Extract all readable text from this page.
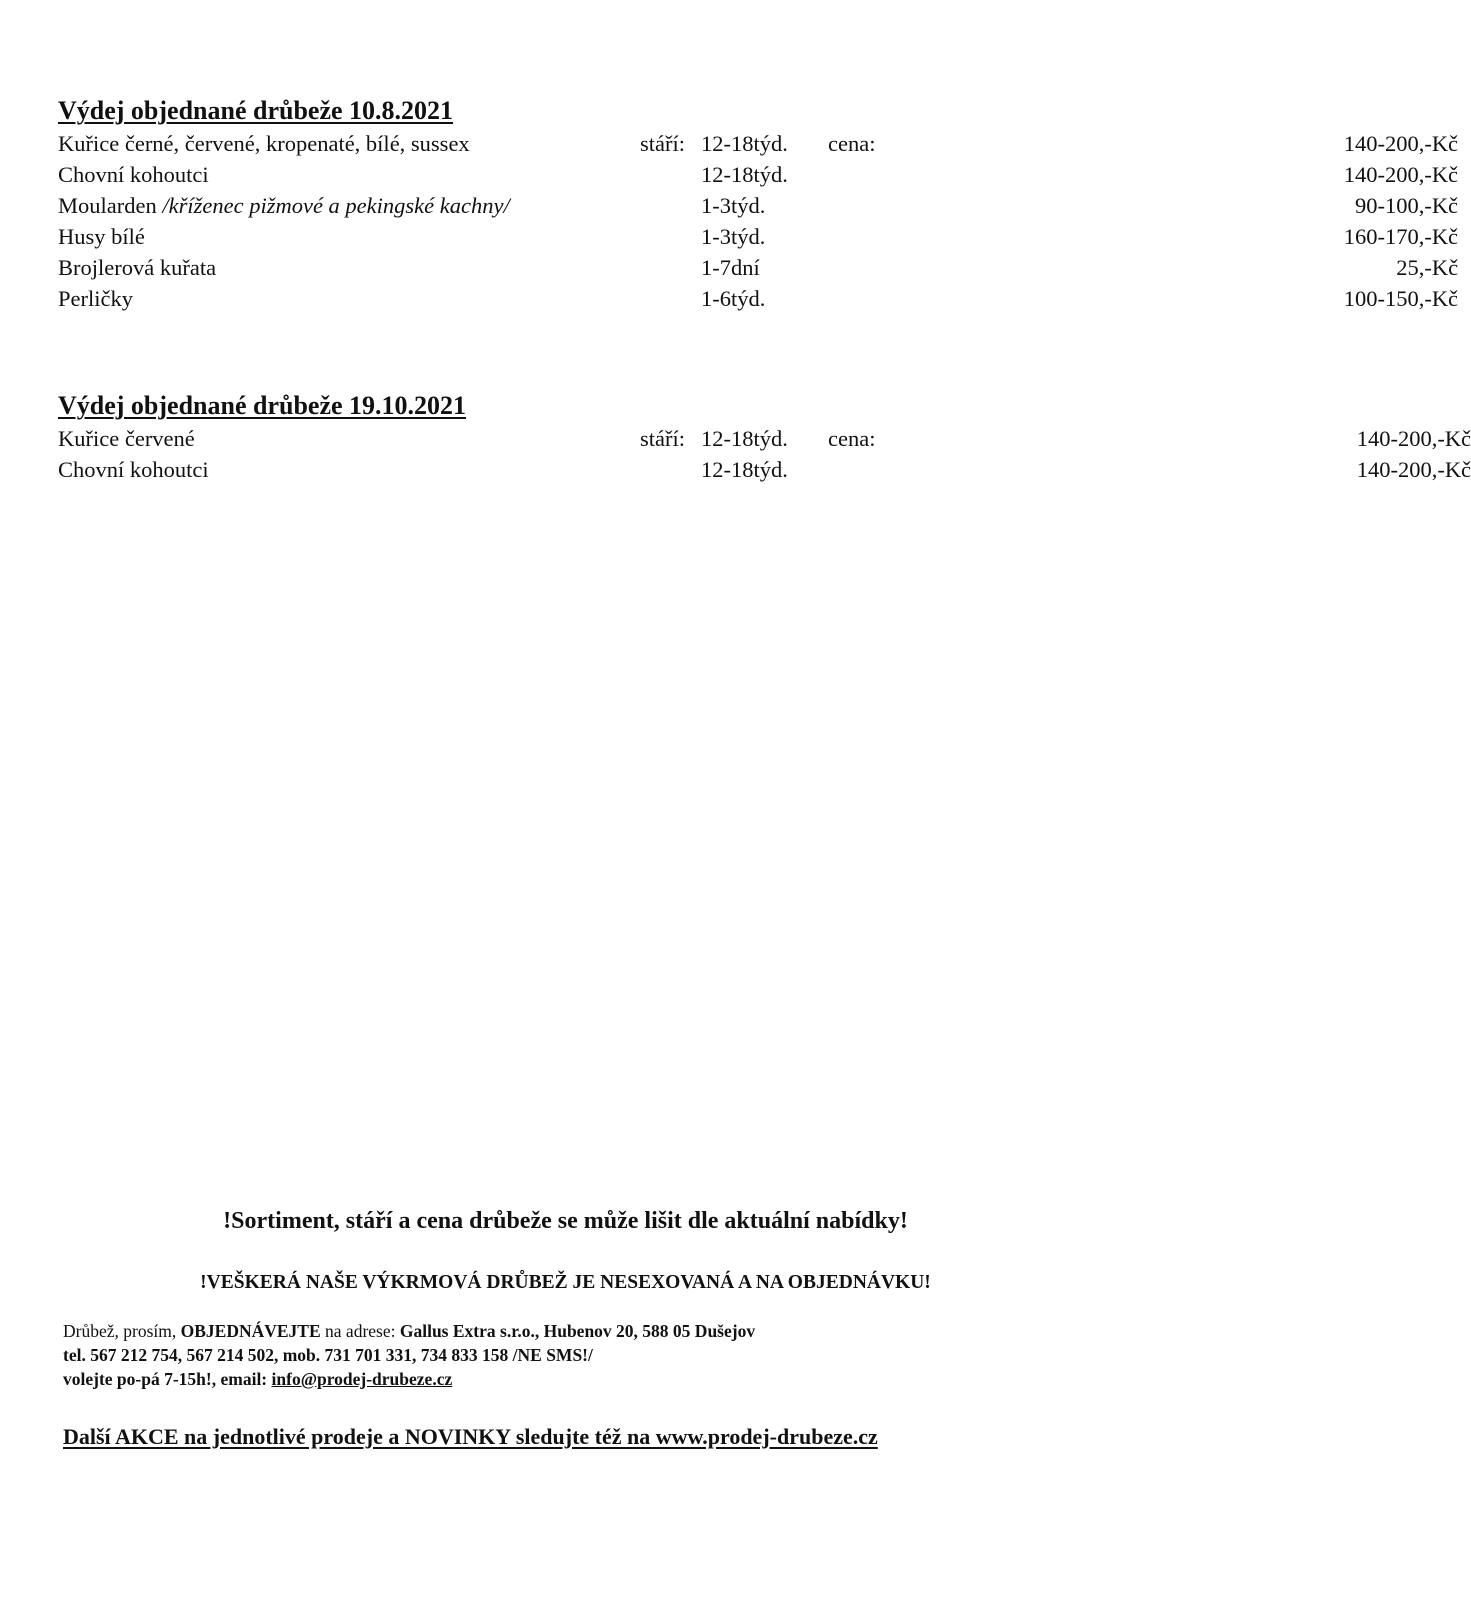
Výdej objednané drůbeže 10.8.2021
Kuřice černé, červené, kropenaté, bílé, sussex	stáří: 12-18týd. cena:	140-200,-Kč
Chovní kohoutci	12-18týd.	140-200,-Kč
Moularden /kříženec pižmové a pekingské kachny/	1-3týd.	90-100,-Kč
Husy bílé	1-3týd.	160-170,-Kč
Brojlerová kuřata	1-7dní	25,-Kč
Perličky	1-6týd.	100-150,-Kč
Výdej objednané drůbeže 19.10.2021
Kuřice červené	stáří: 12-18týd. cena:	140-200,-Kč
Chovní kohoutci	12-18týd.	140-200,-Kč
!Sortiment, stáří a cena drůbeže se může lišit dle aktuální nabídky!
!VEŠKERÁ NAŠE VÝKRMOVÁ DRŮBEŽ JE NESEXOVANÁ A NA OBJEDNÁVKU!
Drůbež, prosím, OBJEDNÁVEJTE na adrese: Gallus Extra s.r.o., Hubenov 20, 588 05 Dušejov
tel. 567 212 754, 567 214 502, mob. 731 701 331, 734 833 158 /NE SMS!/
volejte po-pá 7-15h!, email: info@prodej-drubeze.cz
Další AKCE na jednotlivé prodeje a NOVINKY sledujte též na www.prodej-drubeze.cz
